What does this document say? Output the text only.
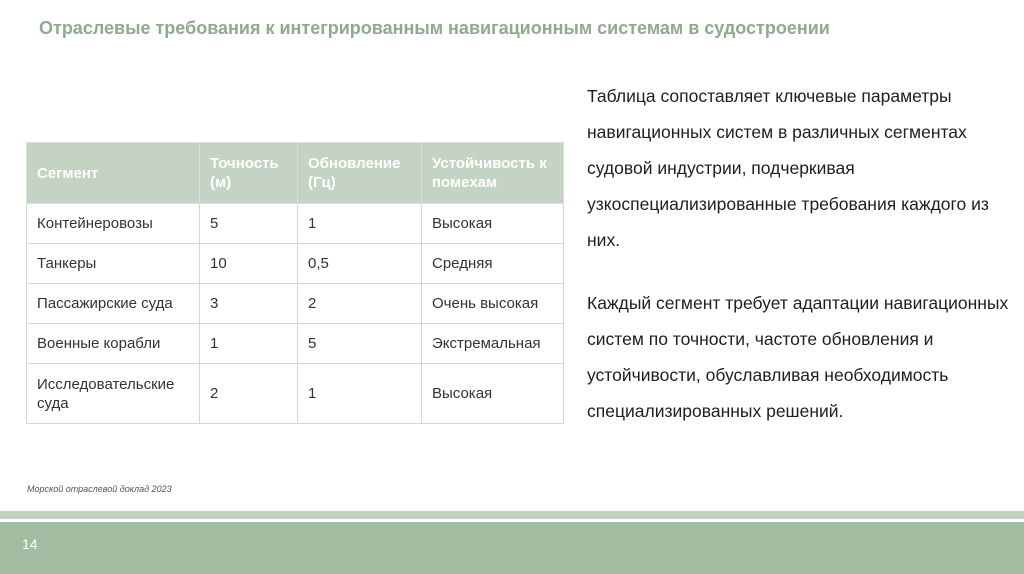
Отраслевые требования к интегрированным навигационным системам в судостроении
Сегмент	Точность (м)	Обновление (Гц)	Устойчивость к помехам
Контейнеровозы	5	1	Высокая
Танкеры	10	0,5	Средняя
Пассажирские суда	3	2	Очень высокая
Военные корабли	1	5	Экстремальная
Исследовательские суда	2	1	Высокая
Морской отраслевой доклад 2023

Таблица сопоставляет ключевые параметры навигационных систем в различных сегментах судовой индустрии, подчеркивая узкоспециализированные требования каждого из них.

Каждый сегмент требует адаптации навигационных систем по точности, частоте обновления и устойчивости, обуславливая необходимость специализированных решений.

14
